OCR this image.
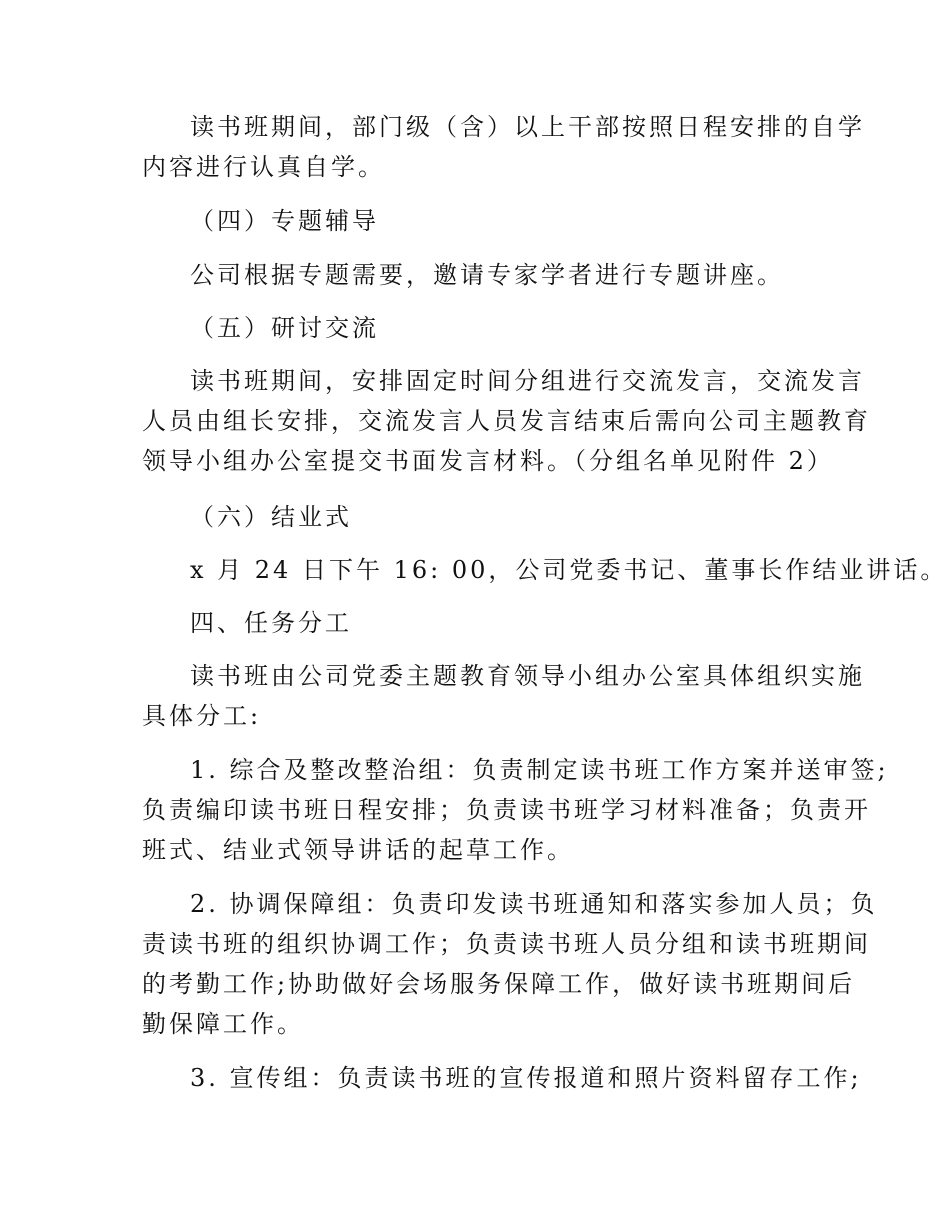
读书班期间，部门级（含）以上干部按照日程安排的自学
内容进行认真自学。
（四）专题辅导
公司根据专题需要，邀请专家学者进行专题讲座。
（五）研讨交流
读书班期间，安排固定时间分组进行交流发言，交流发言
人员由组长安排，交流发言人员发言结束后需向公司主题教育
领导小组办公室提交书面发言材料。（分组名单见附件 2）
（六）结业式
x 月 24 日下午 16: 00，公司党委书记、董事长作结业讲话。
四、任务分工
读书班由公司党委主题教育领导小组办公室具体组织实施
具体分工:
1. 综合及整改整治组：负责制定读书班工作方案并送审签;
负责编印读书班日程安排；负责读书班学习材料准备；负责开
班式、结业式领导讲话的起草工作。
2. 协调保障组：负责印发读书班通知和落实参加人员；负
责读书班的组织协调工作；负责读书班人员分组和读书班期间
的考勤工作;协助做好会场服务保障工作，做好读书班期间后
勤保障工作。
3. 宣传组：负责读书班的宣传报道和照片资料留存工作;
